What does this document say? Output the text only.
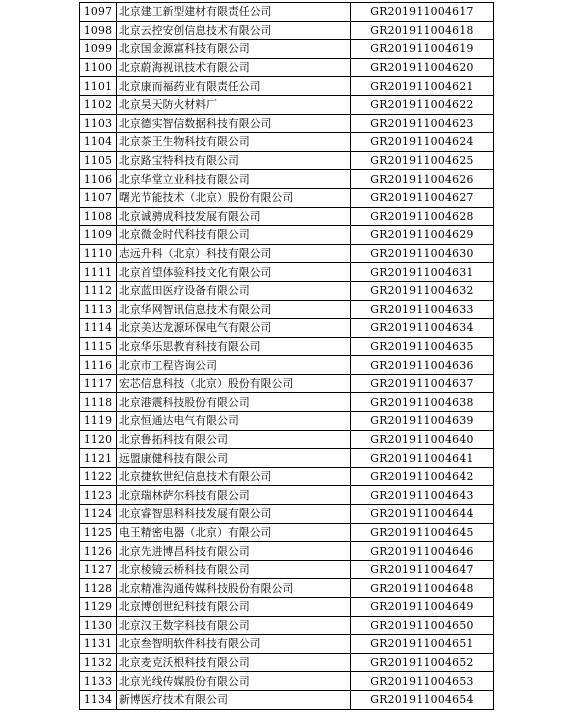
1097	北京建工新型建材有限责任公司	GR201911004617
1098	北京云控安创信息技术有限公司	GR201911004618
1099	北京国金源富科技有限公司	GR201911004619
1100	北京蔚海视讯技术有限公司	GR201911004620
1101	北京康而福药业有限责任公司	GR201911004621
1102	北京昊天防火材料厂	GR201911004622
1103	北京德实智信数据科技有限公司	GR201911004623
1104	北京茶王生物科技有限公司	GR201911004624
1105	北京路宝特科技有限公司	GR201911004625
1106	北京华堂立业科技有限公司	GR201911004626
1107	曙光节能技术（北京）股份有限公司	GR201911004627
1108	北京诚骋成科技发展有限公司	GR201911004628
1109	北京微金时代科技有限公司	GR201911004629
1110	志远升科（北京）科技有限公司	GR201911004630
1111	北京首望体验科技文化有限公司	GR201911004631
1112	北京蓝田医疗设备有限公司	GR201911004632
1113	北京华网智讯信息技术有限公司	GR201911004633
1114	北京美达龙源环保电气有限公司	GR201911004634
1115	北京华乐思教育科技有限公司	GR201911004635
1116	北京市工程咨询公司	GR201911004636
1117	宏芯信息科技（北京）股份有限公司	GR201911004637
1118	北京港震科技股份有限公司	GR201911004638
1119	北京恒通达电气有限公司	GR201911004639
1120	北京鲁拓科技有限公司	GR201911004640
1121	远盟康健科技有限公司	GR201911004641
1122	北京捷软世纪信息技术有限公司	GR201911004642
1123	北京瑞林萨尔科技有限公司	GR201911004643
1124	北京睿智思科科技发展有限公司	GR201911004644
1125	电王精密电器（北京）有限公司	GR201911004645
1126	北京先进博昌科技有限公司	GR201911004646
1127	北京棱镜云桥科技有限公司	GR201911004647
1128	北京精准沟通传媒科技股份有限公司	GR201911004648
1129	北京博创世纪科技有限公司	GR201911004649
1130	北京汉王数字科技有限公司	GR201911004650
1131	北京叁智明软件科技有限公司	GR201911004651
1132	北京麦克沃根科技有限公司	GR201911004652
1133	北京光线传媒股份有限公司	GR201911004653
1134	新博医疗技术有限公司	GR201911004654
